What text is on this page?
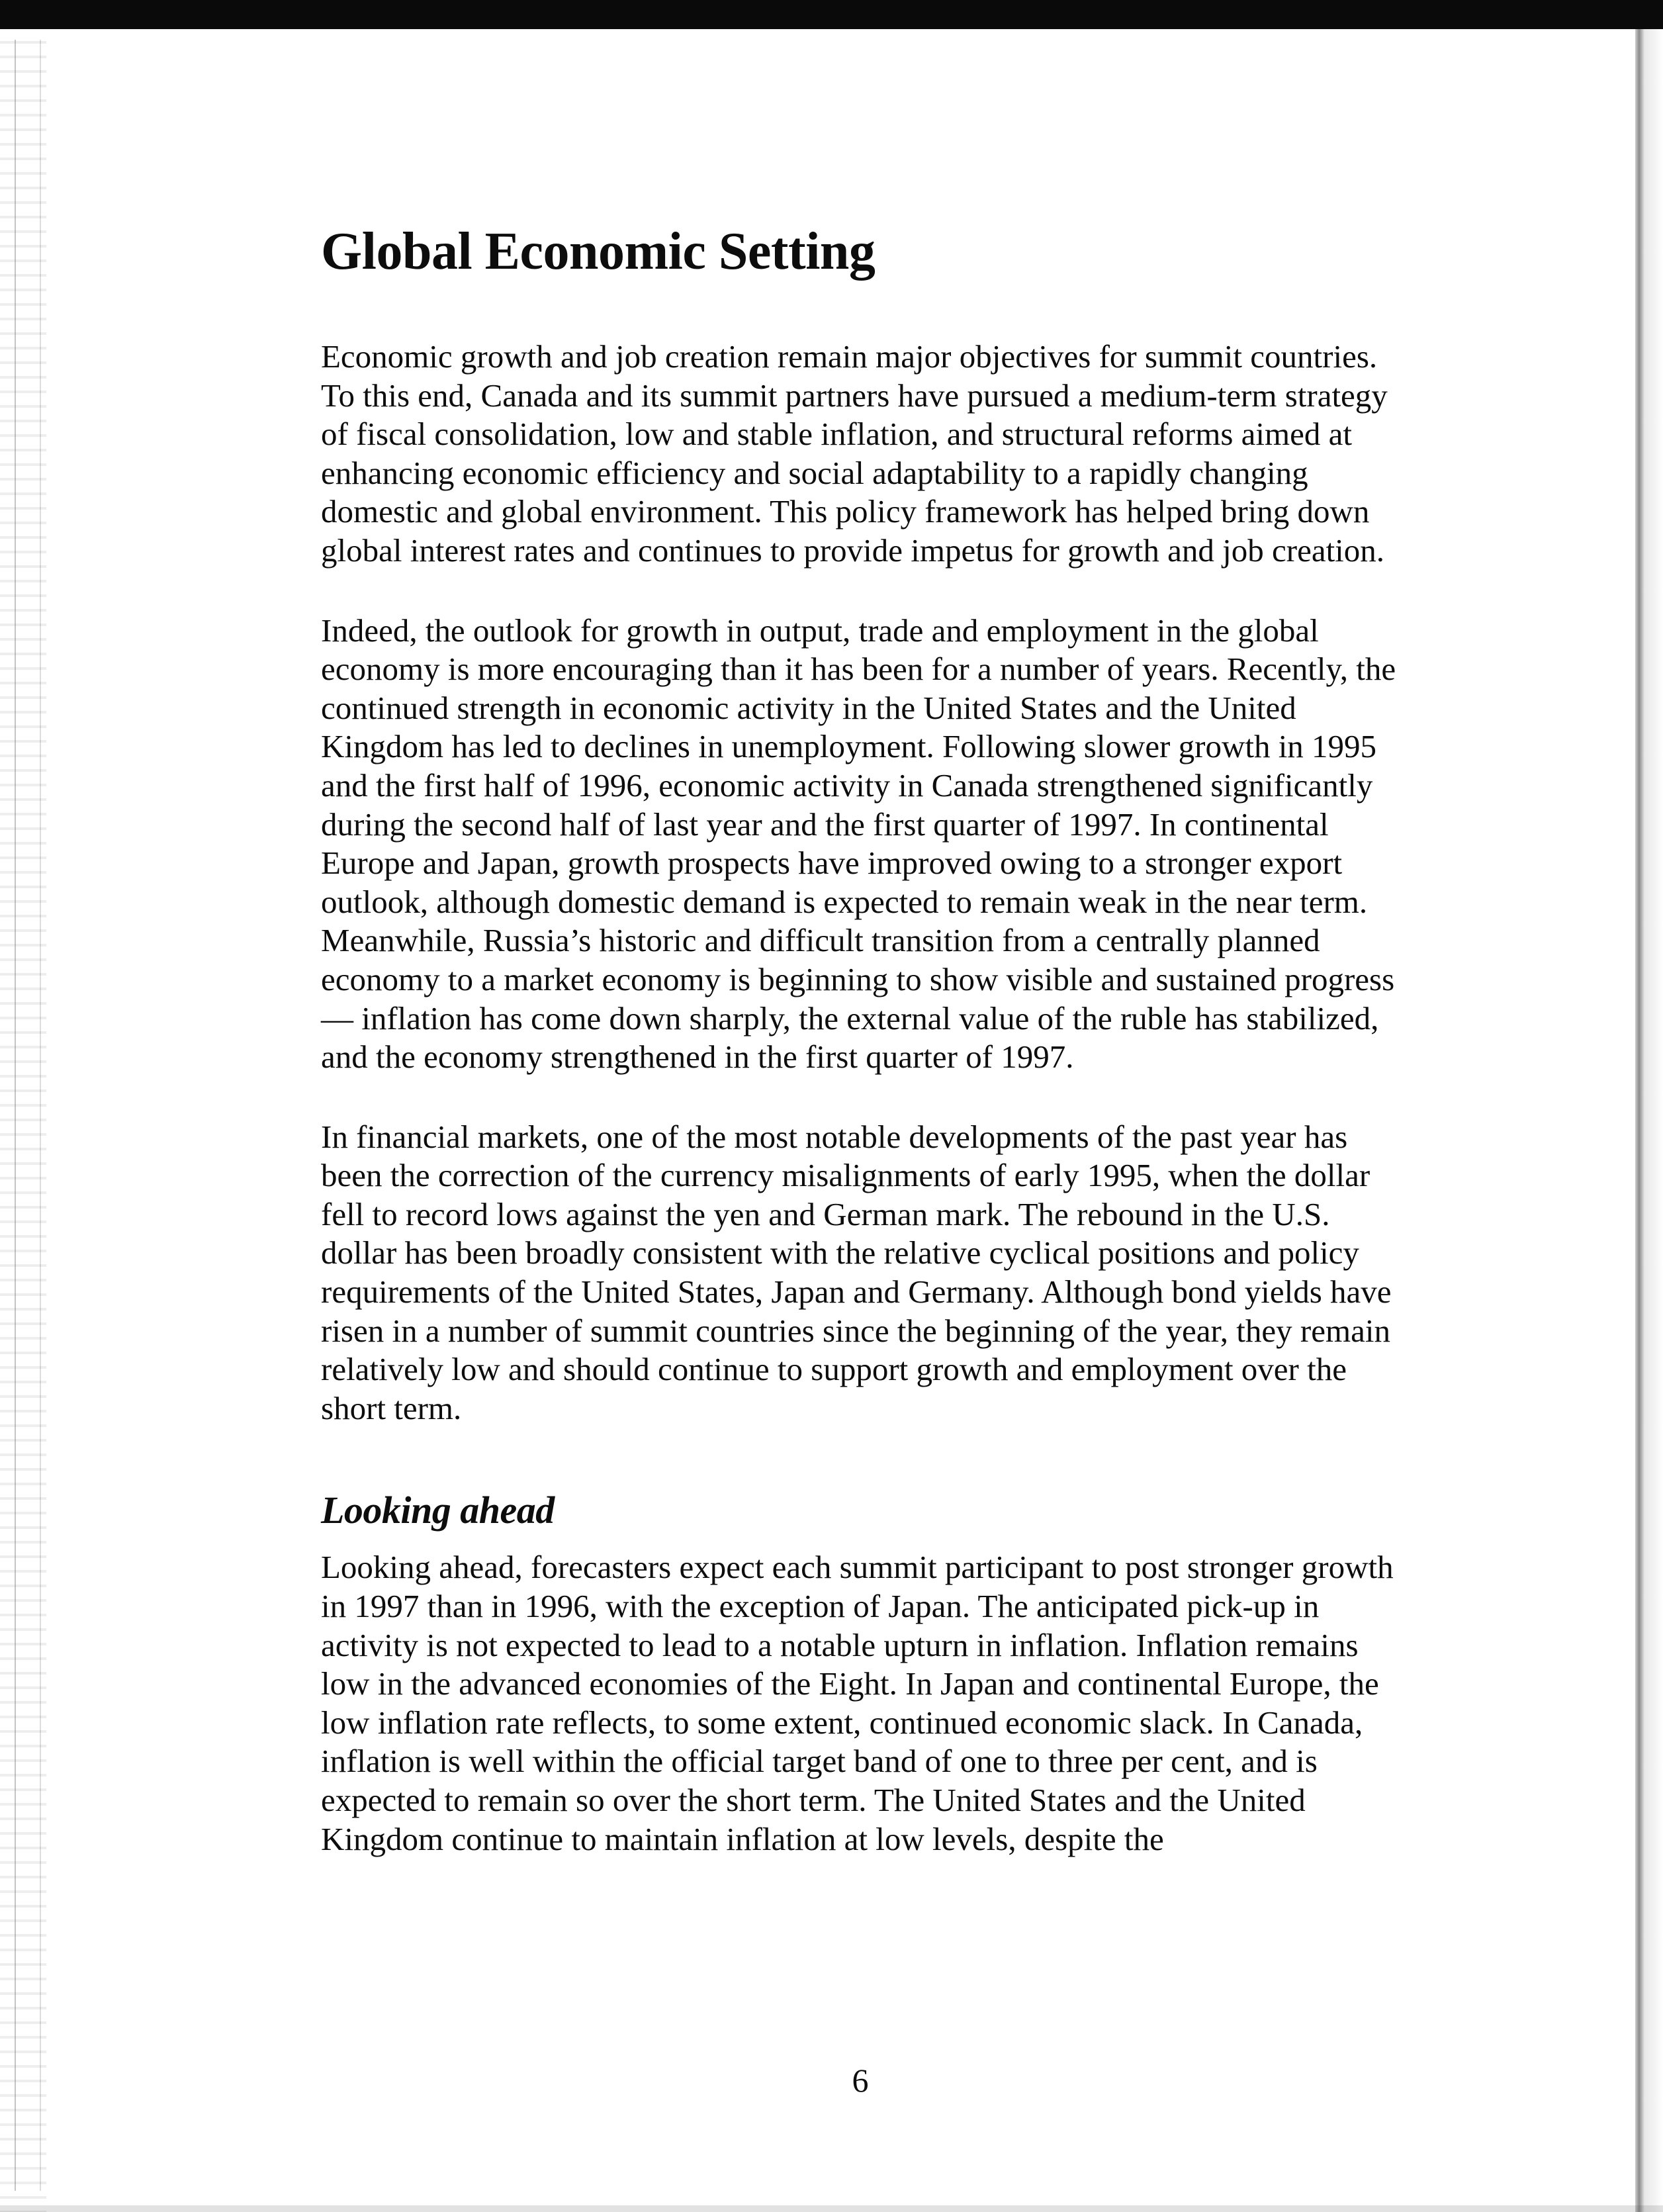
Global Economic Setting

Economic growth and job creation remain major objectives for summit countries. To this end, Canada and its summit partners have pursued a medium-term strategy of fiscal consolidation, low and stable inflation, and structural reforms aimed at enhancing economic efficiency and social adaptability to a rapidly changing domestic and global environment. This policy framework has helped bring down global interest rates and continues to provide impetus for growth and job creation.

Indeed, the outlook for growth in output, trade and employment in the global economy is more encouraging than it has been for a number of years. Recently, the continued strength in economic activity in the United States and the United Kingdom has led to declines in unemployment. Following slower growth in 1995 and the first half of 1996, economic activity in Canada strengthened significantly during the second half of last year and the first quarter of 1997. In continental Europe and Japan, growth prospects have improved owing to a stronger export outlook, although domestic demand is expected to remain weak in the near term. Meanwhile, Russia’s historic and difficult transition from a centrally planned economy to a market economy is beginning to show visible and sustained progress — inflation has come down sharply, the external value of the ruble has stabilized, and the economy strengthened in the first quarter of 1997.

In financial markets, one of the most notable developments of the past year has been the correction of the currency misalignments of early 1995, when the dollar fell to record lows against the yen and German mark. The rebound in the U.S. dollar has been broadly consistent with the relative cyclical positions and policy requirements of the United States, Japan and Germany. Although bond yields have risen in a number of summit countries since the beginning of the year, they remain relatively low and should continue to support growth and employment over the short term.

Looking ahead

Looking ahead, forecasters expect each summit participant to post stronger growth in 1997 than in 1996, with the exception of Japan. The anticipated pick-up in activity is not expected to lead to a notable upturn in inflation. Inflation remains low in the advanced economies of the Eight. In Japan and continental Europe, the low inflation rate reflects, to some extent, continued economic slack. In Canada, inflation is well within the official target band of one to three per cent, and is expected to remain so over the short term. The United States and the United Kingdom continue to maintain inflation at low levels, despite the

6
